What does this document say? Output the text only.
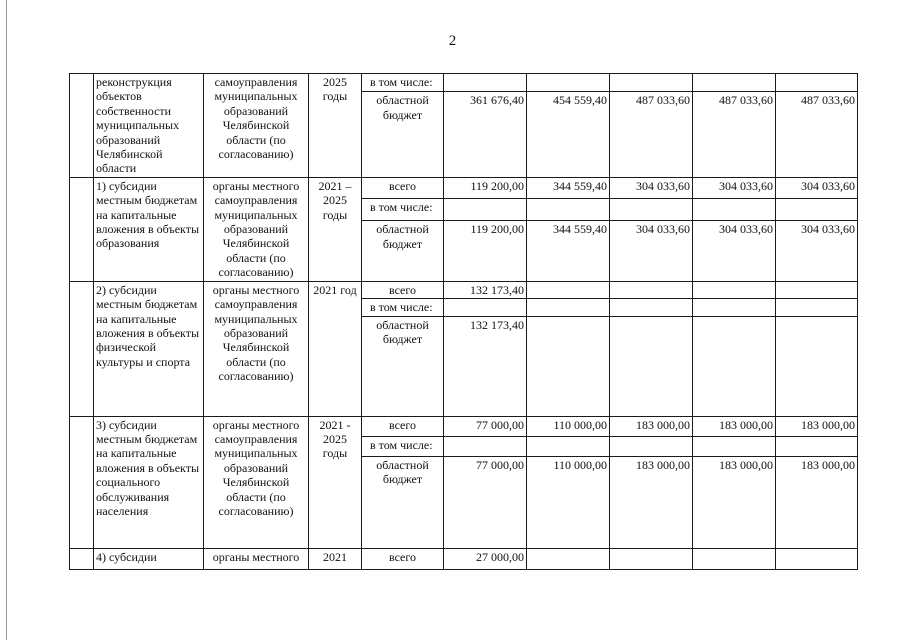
2
	реконструкция объектов собственности муниципальных образований Челябинской области	самоуправления муниципальных образований Челябинской области (по согласованию)	2025 годы	в том числе:					
				областной бюджет	361 676,40	454 559,40	487 033,60	487 033,60	487 033,60
	1) субсидии местным бюджетам на капитальные вложения в объекты образования	органы местного самоуправления муниципальных образований Челябинской области (по согласованию)	2021 – 2025 годы	всего	119 200,00	344 559,40	304 033,60	304 033,60	304 033,60
				в том числе:					
				областной бюджет	119 200,00	344 559,40	304 033,60	304 033,60	304 033,60
	2) субсидии местным бюджетам на капитальные вложения в объекты физической культуры и спорта	органы местного самоуправления муниципальных образований Челябинской области (по согласованию)	2021 год	всего	132 173,40				
				в том числе:					
				областной бюджет	132 173,40				
	3) субсидии местным бюджетам на капитальные вложения в объекты социального обслуживания населения	органы местного самоуправления муниципальных образований Челябинской области (по согласованию)	2021 - 2025 годы	всего	77 000,00	110 000,00	183 000,00	183 000,00	183 000,00
				в том числе:					
				областной бюджет	77 000,00	110 000,00	183 000,00	183 000,00	183 000,00
	4) субсидии	органы местного	2021	всего	27 000,00				
